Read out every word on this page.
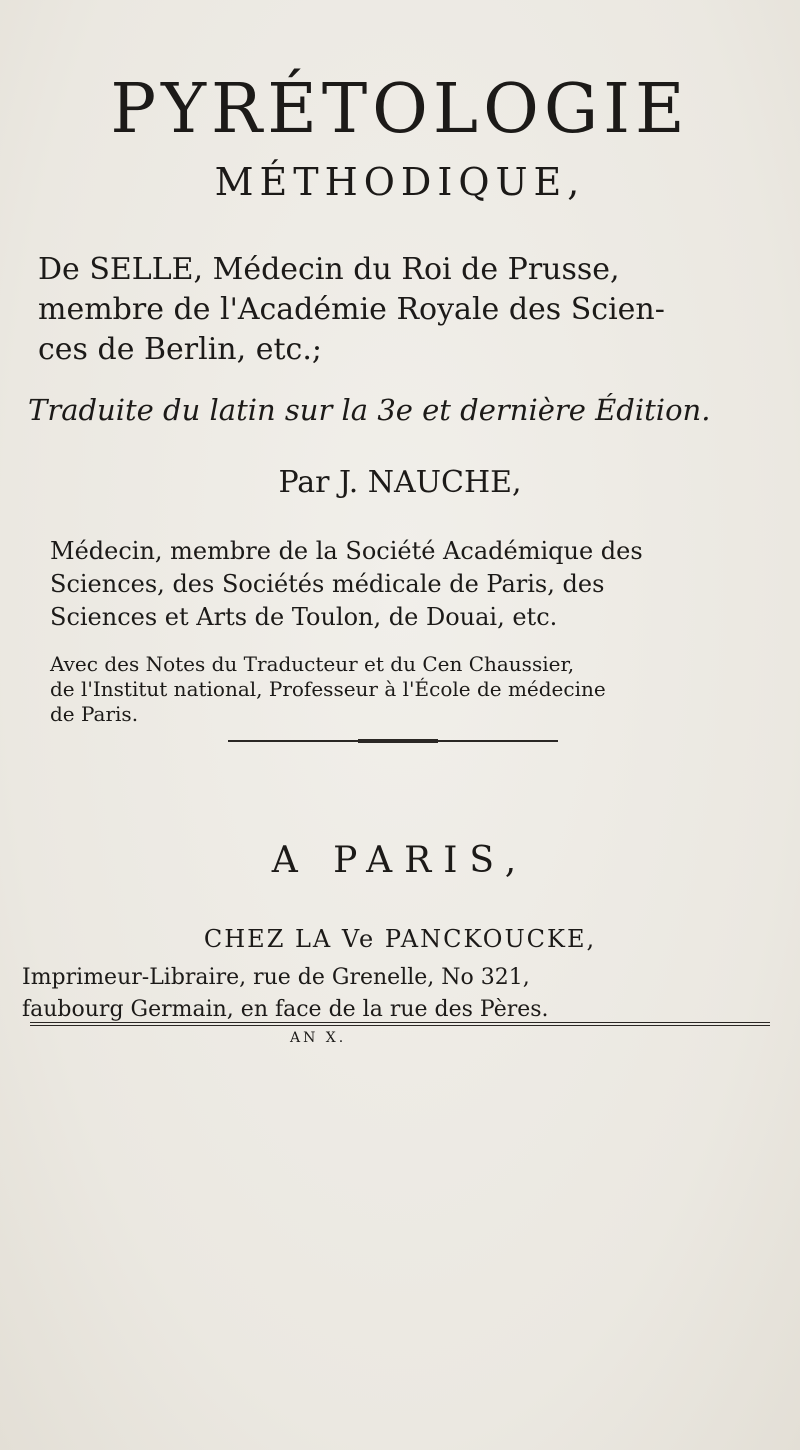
PYRÉTOLOGIE
MÉTHODIQUE,
De SELLE, Médecin du Roi de Prusse,
membre de l'Académie Royale des Scien-
ces de Berlin, etc.;
Traduite du latin sur la 3e et dernière Édition.
Par J. NAUCHE,
Médecin, membre de la Société Académique des
Sciences, des Sociétés médicale de Paris, des
Sciences et Arts de Toulon, de Douai, etc.
Avec des Notes du Traducteur et du Cen Chaussier,
de l'Institut national, Professeur à l'École de médecine
de Paris.
A PARIS,
CHEZ LA Ve PANCKOUCKE,
Imprimeur-Libraire, rue de Grenelle, No 321,
faubourg Germain, en face de la rue des Pères.
AN X.
